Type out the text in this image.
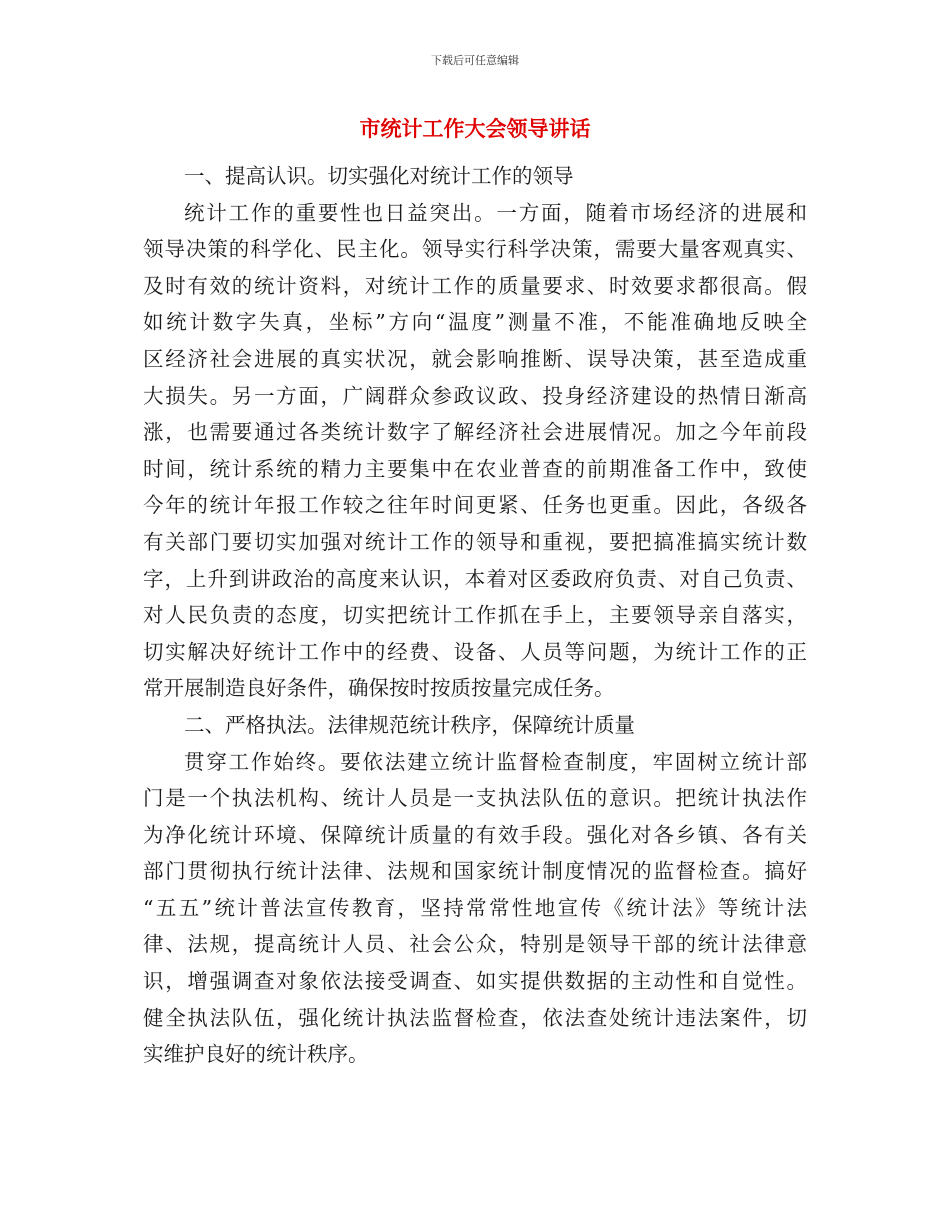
下载后可任意编辑
市统计工作大会领导讲话
一、提高认识。切实强化对统计工作的领导
统计工作的重要性也日益突出。一方面，随着市场经济的进展和
领导决策的科学化、民主化。领导实行科学决策，需要大量客观真实、
及时有效的统计资料，对统计工作的质量要求、时效要求都很高。假
如统计数字失真，坐标”方向“温度”测量不准，不能准确地反映全
区经济社会进展的真实状况，就会影响推断、误导决策，甚至造成重
大损失。另一方面，广阔群众参政议政、投身经济建设的热情日渐高
涨，也需要通过各类统计数字了解经济社会进展情况。加之今年前段
时间，统计系统的精力主要集中在农业普查的前期准备工作中，致使
今年的统计年报工作较之往年时间更紧、任务也更重。因此，各级各
有关部门要切实加强对统计工作的领导和重视，要把搞准搞实统计数
字，上升到讲政治的高度来认识，本着对区委政府负责、对自己负责、
对人民负责的态度，切实把统计工作抓在手上，主要领导亲自落实，
切实解决好统计工作中的经费、设备、人员等问题，为统计工作的正
常开展制造良好条件，确保按时按质按量完成任务。
二、严格执法。法律规范统计秩序，保障统计质量
贯穿工作始终。要依法建立统计监督检查制度，牢固树立统计部
门是一个执法机构、统计人员是一支执法队伍的意识。把统计执法作
为净化统计环境、保障统计质量的有效手段。强化对各乡镇、各有关
部门贯彻执行统计法律、法规和国家统计制度情况的监督检查。搞好
“五五”统计普法宣传教育，坚持常常性地宣传《统计法》等统计法
律、法规，提高统计人员、社会公众，特别是领导干部的统计法律意
识，增强调查对象依法接受调查、如实提供数据的主动性和自觉性。
健全执法队伍，强化统计执法监督检查，依法查处统计违法案件，切
实维护良好的统计秩序。
